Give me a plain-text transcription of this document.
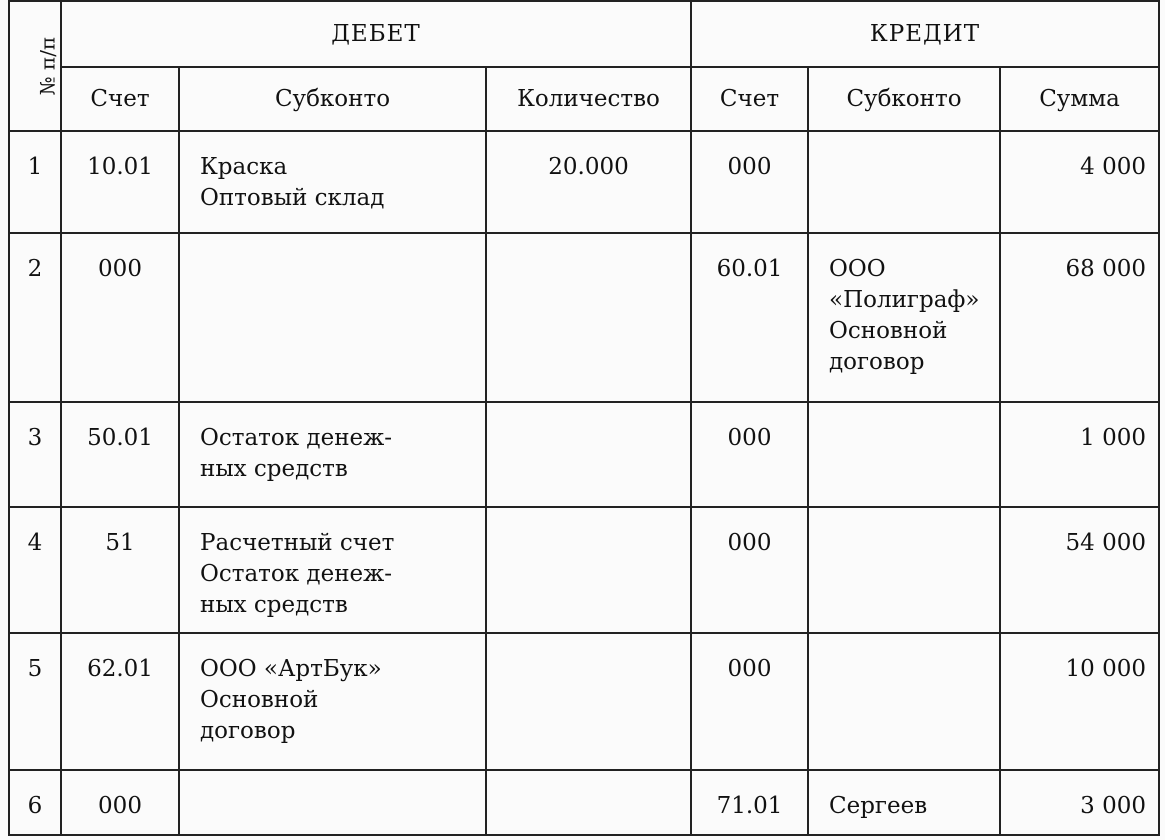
№ п/п	ДЕБЕТ			КРЕДИТ		
	Счет	Субконто	Количество	Счет	Субконто	Сумма
1	10.01	Краска
Оптовый склад	20.000	000		4 000
2	000			60.01	ООО
«Полиграф»
Основной
договор	68 000
3	50.01	Остаток денеж-
ных средств		000		1 000
4	51	Расчетный счет
Остаток денеж-
ных средств		000		54 000
5	62.01	ООО «АртБук»
Основной
договор		000		10 000
6	000			71.01	Сергеев	3 000
